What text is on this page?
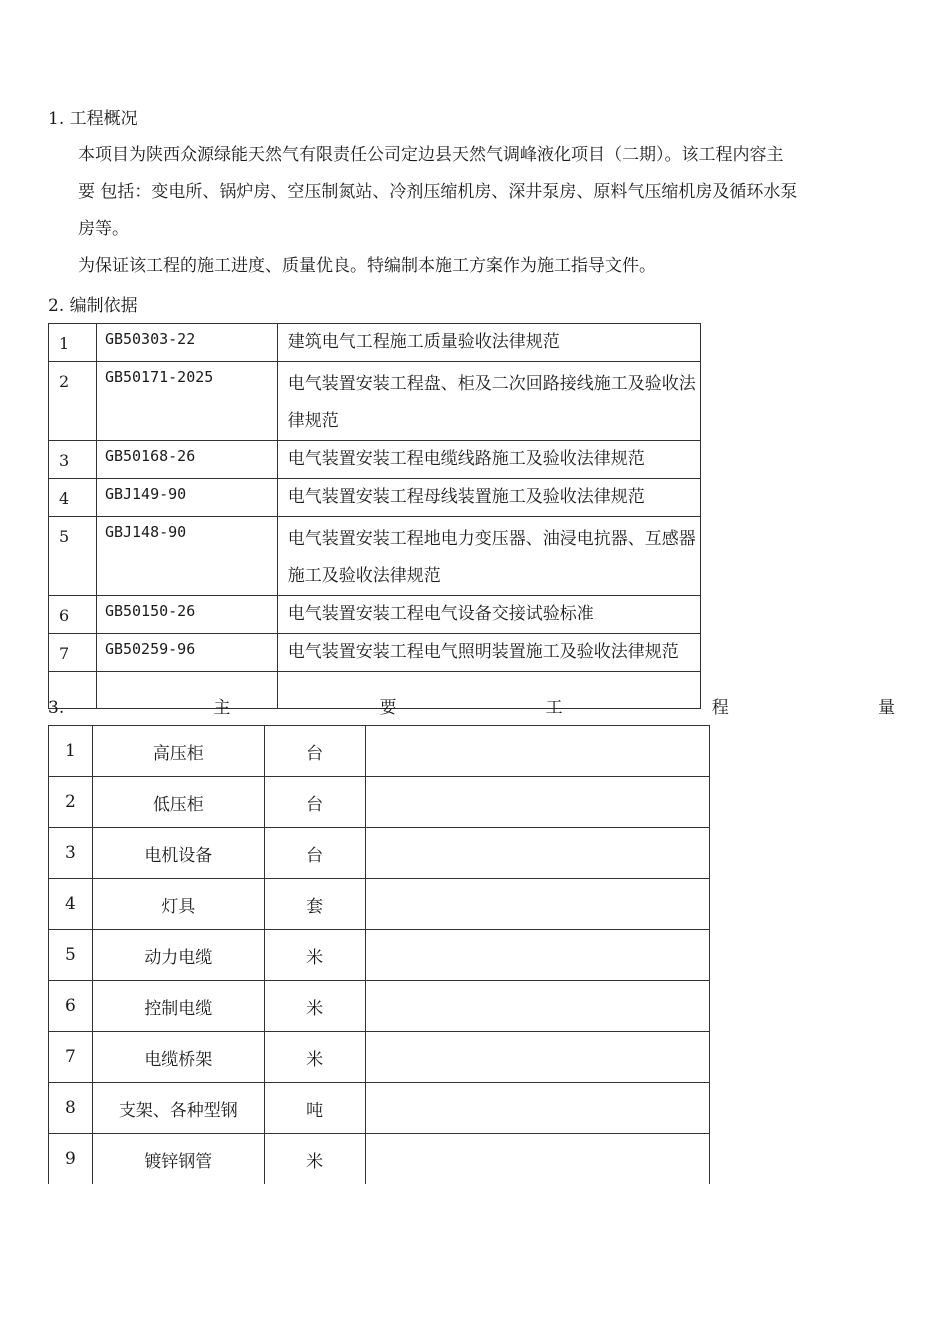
1. 工程概况
本项目为陕西众源绿能天然气有限责任公司定边县天然气调峰液化项目（二期）。该工程内容主
要 包括：变电所、锅炉房、空压制氮站、冷剂压缩机房、深井泵房、原料气压缩机房及循环水泵
房等。
为保证该工程的施工进度、质量优良。特编制本施工方案作为施工指导文件。
2. 编制依据
1	GB50303-22	建筑电气工程施工质量验收法律规范
2	GB50171-2025	电气装置安装工程盘、柜及二次回路接线施工及验收法律规范
3	GB50168-26	电气装置安装工程电缆线路施工及验收法律规范
4	GBJ149-90	电气装置安装工程母线装置施工及验收法律规范
5	GBJ148-90	电气装置安装工程地电力变压器、油浸电抗器、互感器施工及验收法律规范
6	GB50150-26	电气装置安装工程电气设备交接试验标准
7	GB50259-96	电气装置安装工程电气照明装置施工及验收法律规范

3.	主	要	工	程	量
1	高压柜	台	
2	低压柜	台	
3	电机设备	台	
4	灯具	套	
5	动力电缆	米	
6	控制电缆	米	
7	电缆桥架	米	
8	支架、各种型钢	吨	
9	镀锌钢管	米	
